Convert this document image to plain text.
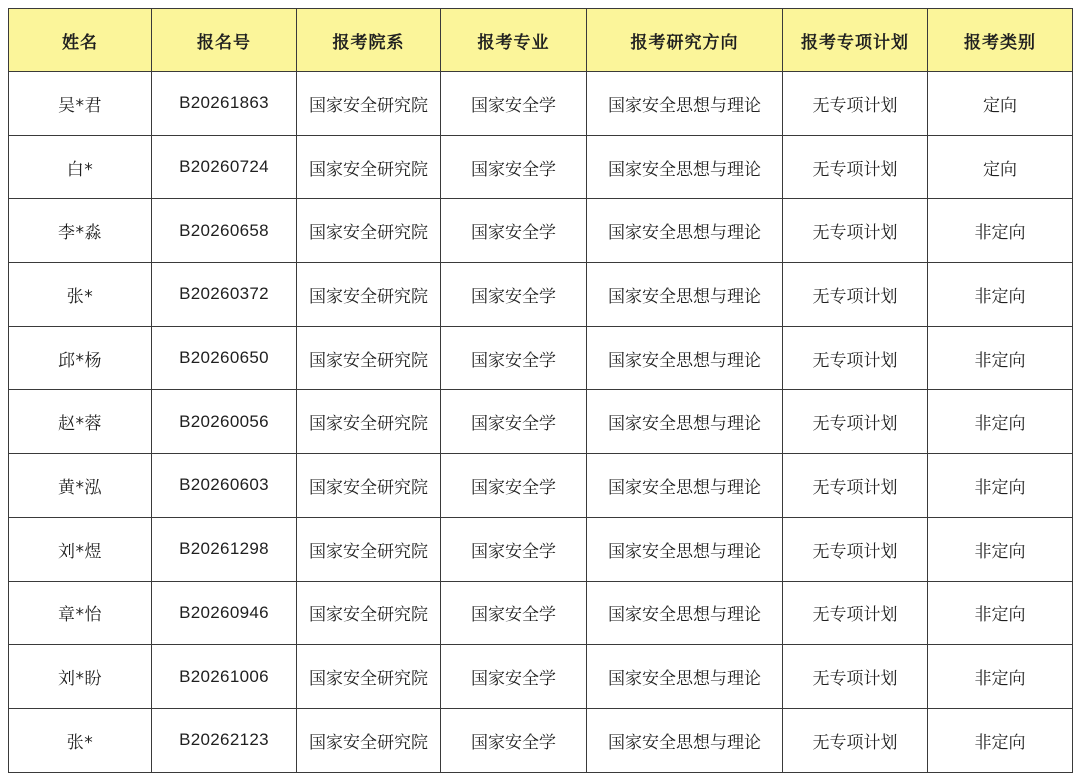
姓名	报名号	报考院系	报考专业	报考研究方向	报考专项计划	报考类别
吴*君	B20261863	国家安全研究院	国家安全学	国家安全思想与理论	无专项计划	定向
白*	B20260724	国家安全研究院	国家安全学	国家安全思想与理论	无专项计划	定向
李*淼	B20260658	国家安全研究院	国家安全学	国家安全思想与理论	无专项计划	非定向
张*	B20260372	国家安全研究院	国家安全学	国家安全思想与理论	无专项计划	非定向
邱*杨	B20260650	国家安全研究院	国家安全学	国家安全思想与理论	无专项计划	非定向
赵*蓉	B20260056	国家安全研究院	国家安全学	国家安全思想与理论	无专项计划	非定向
黄*泓	B20260603	国家安全研究院	国家安全学	国家安全思想与理论	无专项计划	非定向
刘*煜	B20261298	国家安全研究院	国家安全学	国家安全思想与理论	无专项计划	非定向
章*怡	B20260946	国家安全研究院	国家安全学	国家安全思想与理论	无专项计划	非定向
刘*盼	B20261006	国家安全研究院	国家安全学	国家安全思想与理论	无专项计划	非定向
张*	B20262123	国家安全研究院	国家安全学	国家安全思想与理论	无专项计划	非定向
